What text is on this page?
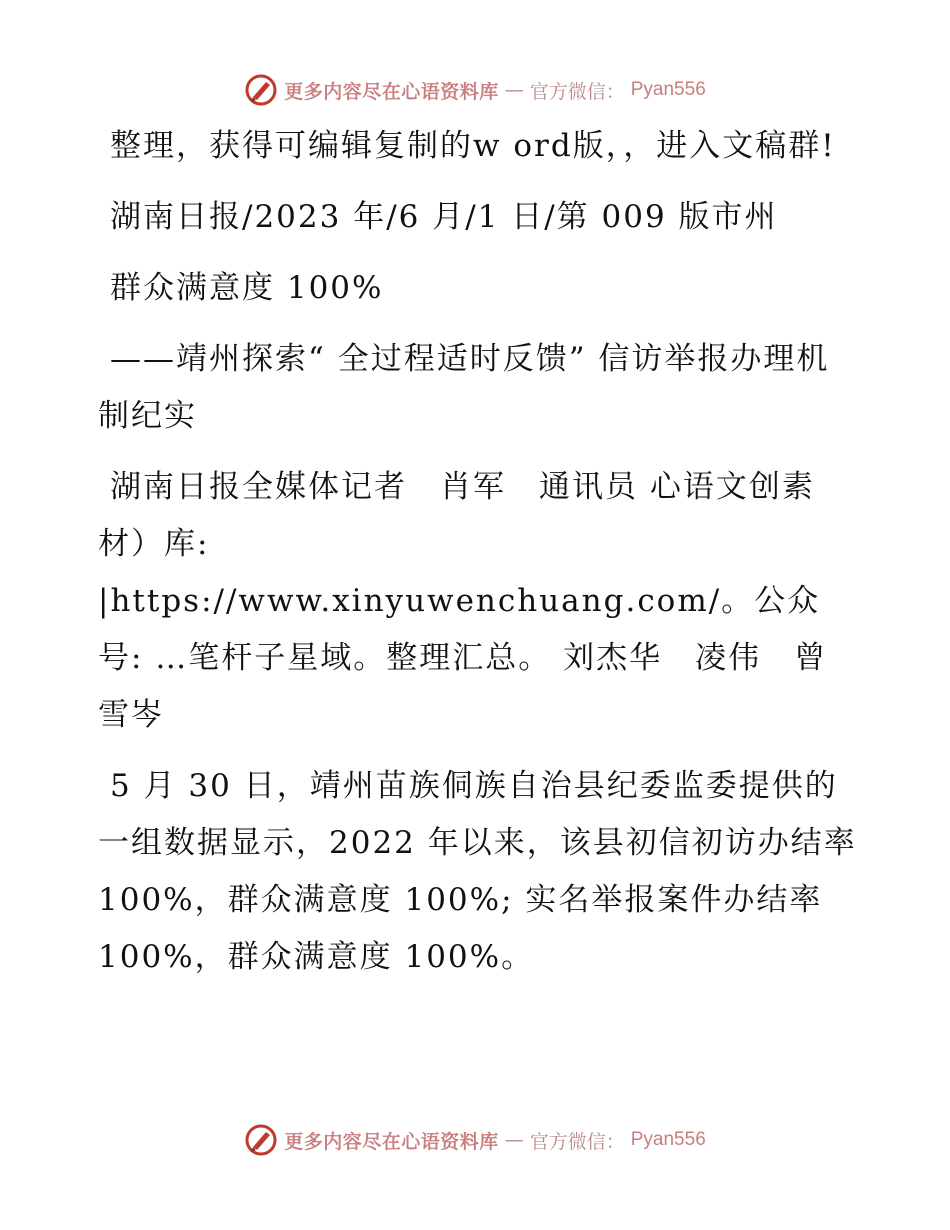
更多内容尽在心语资料库 — 官方微信： Pyan556

整理，获得可编辑复制的w ord版，，进入文稿群!

湖南日报/2023 年/6 月/1 日/第 009 版市州

群众满意度 100%

——靖州探索“ 全过程适时反馈” 信访举报办理机制纪实

湖南日报全媒体记者　肖军　通讯员 心语文创素材）库: |https://www.xinyuwenchuang.com/。公众号: …笔杆子星域。整理汇总。 刘杰华　凌伟　曾雪岑

5 月 30 日，靖州苗族侗族自治县纪委监委提供的一组数据显示，2022 年以来，该县初信初访办结率 100%，群众满意度 100%; 实名举报案件办结率 100%，群众满意度 100%。

更多内容尽在心语资料库 — 官方微信： Pyan556
